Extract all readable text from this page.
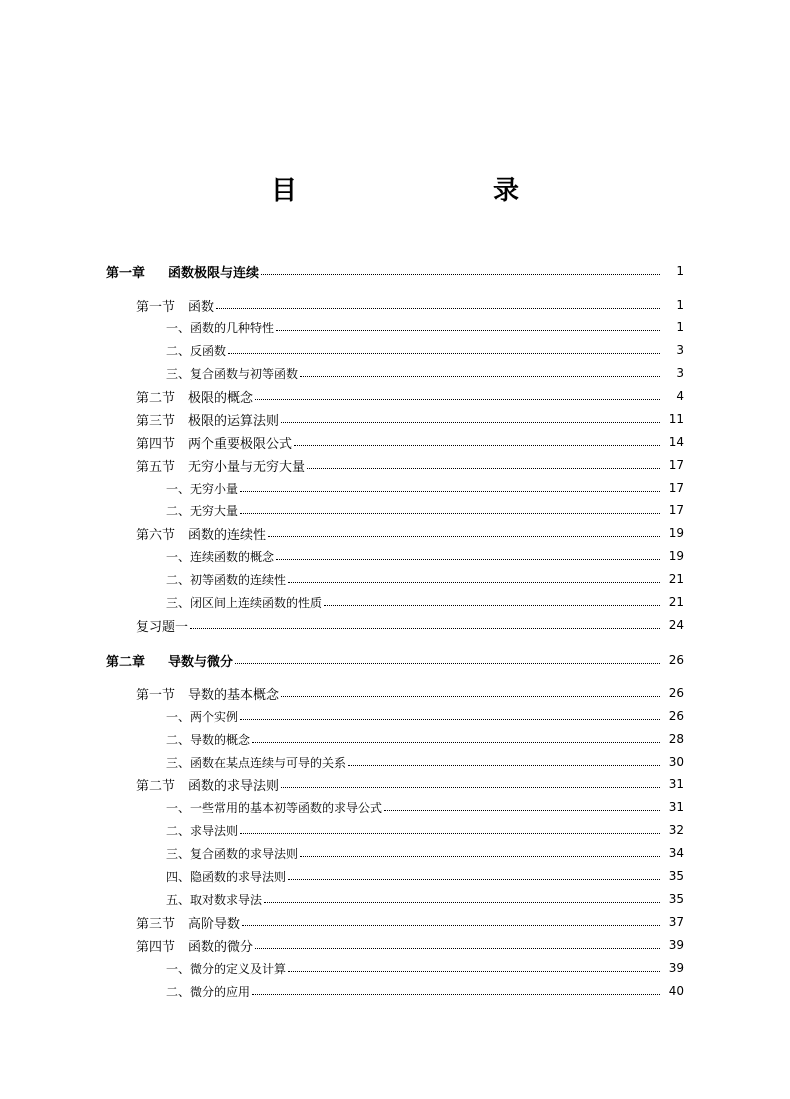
目　　录
第一章 函数极限与连续	1
第一节 函数	1
一、函数的几种特性	1
二、反函数	3
三、复合函数与初等函数	3
第二节 极限的概念	4
第三节 极限的运算法则	11
第四节 两个重要极限公式	14
第五节 无穷小量与无穷大量	17
一、无穷小量	17
二、无穷大量	17
第六节 函数的连续性	19
一、连续函数的概念	19
二、初等函数的连续性	21
三、闭区间上连续函数的性质	21
复习题一	24
第二章 导数与微分	26
第一节 导数的基本概念	26
一、两个实例	26
二、导数的概念	28
三、函数在某点连续与可导的关系	30
第二节 函数的求导法则	31
一、一些常用的基本初等函数的求导公式	31
二、求导法则	32
三、复合函数的求导法则	34
四、隐函数的求导法则	35
五、取对数求导法	35
第三节 高阶导数	37
第四节 函数的微分	39
一、微分的定义及计算	39
二、微分的应用	40
